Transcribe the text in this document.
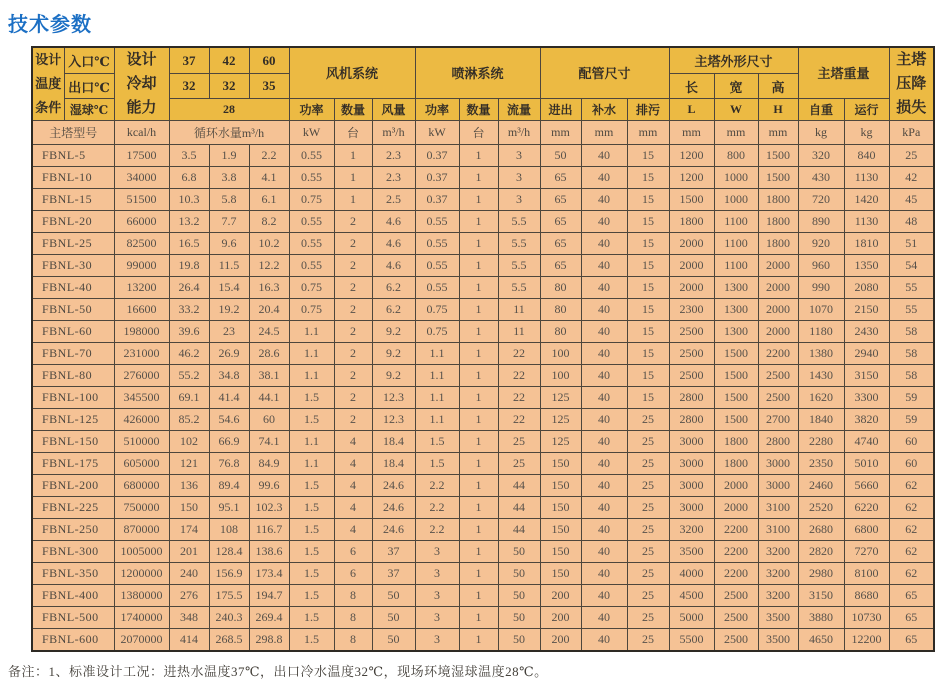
技术参数
设计温度条件	入口℃	设计冷却能力	37	42	60	风机系统			喷淋系统			配管尺寸			主塔外形尺寸			主塔重量		主塔压降损失
	出口℃		32	32	35										长	宽	高			
	湿球℃		28			功率	数量	风量	功率	数量	流量	进出	补水	排污	L	W	H	自重	运行	
主塔型号		kcal/h	循环水量m³/h			kW	台	m³/h	kW	台	m³/h	mm	mm	mm	mm	mm	mm	kg	kg	kPa
FBNL-5		17500	3.5	1.9	2.2	0.55	1	2.3	0.37	1	3	50	40	15	1200	800	1500	320	840	25
FBNL-10		34000	6.8	3.8	4.1	0.55	1	2.3	0.37	1	3	65	40	15	1200	1000	1500	430	1130	42
FBNL-15		51500	10.3	5.8	6.1	0.75	1	2.5	0.37	1	3	65	40	15	1500	1000	1800	720	1420	45
FBNL-20		66000	13.2	7.7	8.2	0.55	2	4.6	0.55	1	5.5	65	40	15	1800	1100	1800	890	1130	48
FBNL-25		82500	16.5	9.6	10.2	0.55	2	4.6	0.55	1	5.5	65	40	15	2000	1100	1800	920	1810	51
FBNL-30		99000	19.8	11.5	12.2	0.55	2	4.6	0.55	1	5.5	65	40	15	2000	1100	2000	960	1350	54
FBNL-40		13200	26.4	15.4	16.3	0.75	2	6.2	0.55	1	5.5	80	40	15	2000	1300	2000	990	2080	55
FBNL-50		16600	33.2	19.2	20.4	0.75	2	6.2	0.75	1	11	80	40	15	2300	1300	2000	1070	2150	55
FBNL-60		198000	39.6	23	24.5	1.1	2	9.2	0.75	1	11	80	40	15	2500	1300	2000	1180	2430	58
FBNL-70		231000	46.2	26.9	28.6	1.1	2	9.2	1.1	1	22	100	40	15	2500	1500	2200	1380	2940	58
FBNL-80		276000	55.2	34.8	38.1	1.1	2	9.2	1.1	1	22	100	40	15	2500	1500	2500	1430	3150	58
FBNL-100		345500	69.1	41.4	44.1	1.5	2	12.3	1.1	1	22	125	40	15	2800	1500	2500	1620	3300	59
FBNL-125		426000	85.2	54.6	60	1.5	2	12.3	1.1	1	22	125	40	25	2800	1500	2700	1840	3820	59
FBNL-150		510000	102	66.9	74.1	1.1	4	18.4	1.5	1	25	125	40	25	3000	1800	2800	2280	4740	60
FBNL-175		605000	121	76.8	84.9	1.1	4	18.4	1.5	1	25	150	40	25	3000	1800	3000	2350	5010	60
FBNL-200		680000	136	89.4	99.6	1.5	4	24.6	2.2	1	44	150	40	25	3000	2000	3000	2460	5660	62
FBNL-225		750000	150	95.1	102.3	1.5	4	24.6	2.2	1	44	150	40	25	3000	2000	3100	2520	6220	62
FBNL-250		870000	174	108	116.7	1.5	4	24.6	2.2	1	44	150	40	25	3200	2200	3100	2680	6800	62
FBNL-300		1005000	201	128.4	138.6	1.5	6	37	3	1	50	150	40	25	3500	2200	3200	2820	7270	62
FBNL-350		1200000	240	156.9	173.4	1.5	6	37	3	1	50	150	40	25	4000	2200	3200	2980	8100	62
FBNL-400		1380000	276	175.5	194.7	1.5	8	50	3	1	50	200	40	25	4500	2500	3200	3150	8680	65
FBNL-500		1740000	348	240.3	269.4	1.5	8	50	3	1	50	200	40	25	5000	2500	3500	3880	10730	65
FBNL-600		2070000	414	268.5	298.8	1.5	8	50	3	1	50	200	40	25	5500	2500	3500	4650	12200	65

备注：1、标准设计工况：进热水温度37℃，出口冷水温度32℃，现场环境湿球温度28℃。
